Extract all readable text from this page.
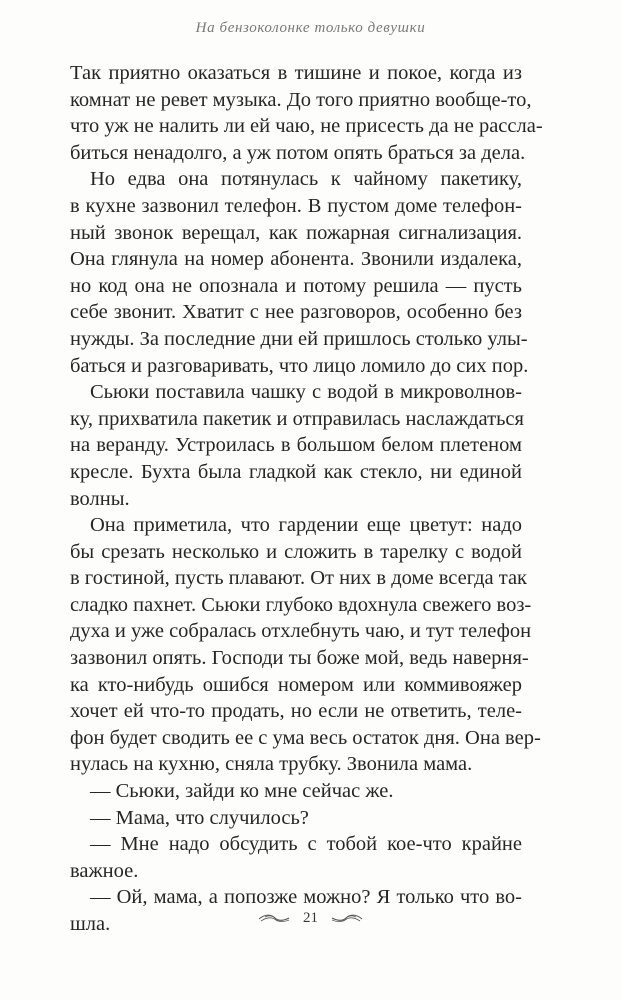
На бензоколонке только девушки
Так приятно оказаться в тишине и покое, когда из
комнат не ревет музыка. До того приятно вообще-то,
что уж не налить ли ей чаю, не присесть да не рассла-
биться ненадолго, а уж потом опять браться за дела.
Но едва она потянулась к чайному пакетику,
в кухне зазвонил телефон. В пустом доме телефон-
ный звонок верещал, как пожарная сигнализация.
Она глянула на номер абонента. Звонили издалека,
но код она не опознала и потому решила — пусть
себе звонит. Хватит с нее разговоров, особенно без
нужды. За последние дни ей пришлось столько улы-
баться и разговаривать, что лицо ломило до сих пор.
Сьюки поставила чашку с водой в микроволнов-
ку, прихватила пакетик и отправилась наслаждаться
на веранду. Устроилась в большом белом плетеном
кресле. Бухта была гладкой как стекло, ни единой
волны.
Она приметила, что гардении еще цветут: надо
бы срезать несколько и сложить в тарелку с водой
в гостиной, пусть плавают. От них в доме всегда так
сладко пахнет. Сьюки глубоко вдохнула свежего воз-
духа и уже собралась отхлебнуть чаю, и тут телефон
зазвонил опять. Господи ты боже мой, ведь наверня-
ка кто-нибудь ошибся номером или коммивояжер
хочет ей что-то продать, но если не ответить, теле-
фон будет сводить ее с ума весь остаток дня. Она вер-
нулась на кухню, сняла трубку. Звонила мама.
— Сьюки, зайди ко мне сейчас же.
— Мама, что случилось?
— Мне надо обсудить с тобой кое-что крайне
важное.
— Ой, мама, а попозже можно? Я только что во-
шла.	21
